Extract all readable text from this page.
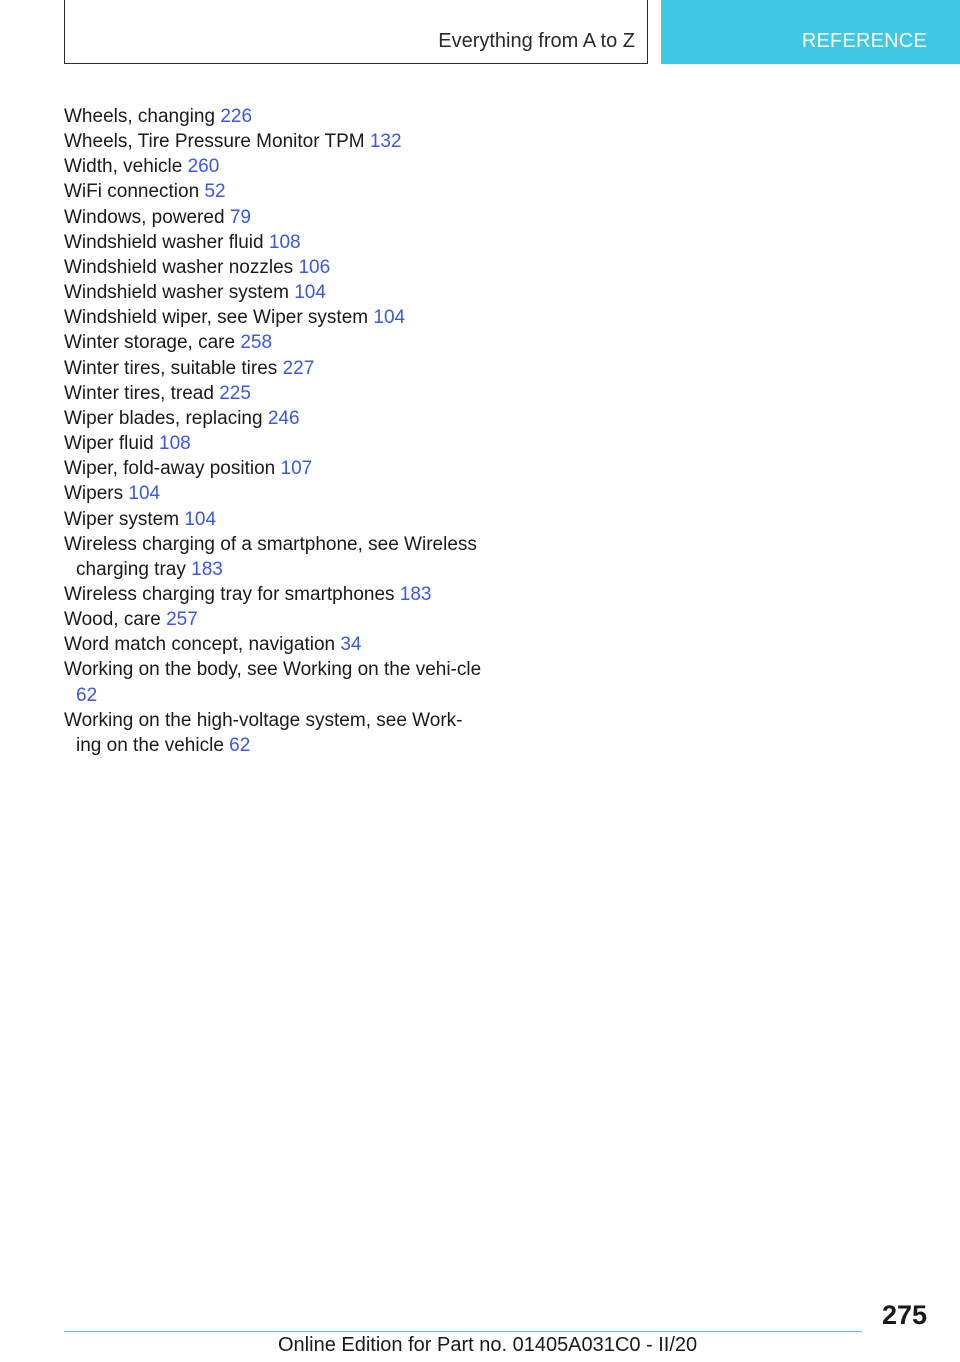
Everything from A to Z	REFERENCE
Wheels, changing 226
Wheels, Tire Pressure Monitor TPM 132
Width, vehicle 260
WiFi connection 52
Windows, powered 79
Windshield washer fluid 108
Windshield washer nozzles 106
Windshield washer system 104
Windshield wiper, see Wiper system 104
Winter storage, care 258
Winter tires, suitable tires 227
Winter tires, tread 225
Wiper blades, replacing 246
Wiper fluid 108
Wiper, fold-away position 107
Wipers 104
Wiper system 104
Wireless charging of a smartphone, see Wireless charging tray 183
Wireless charging tray for smartphones 183
Wood, care 257
Word match concept, navigation 34
Working on the body, see Working on the vehi‐cle 62
Working on the high-voltage system, see Work‐ing on the vehicle 62
275
Online Edition for Part no. 01405A031C0 - II/20
